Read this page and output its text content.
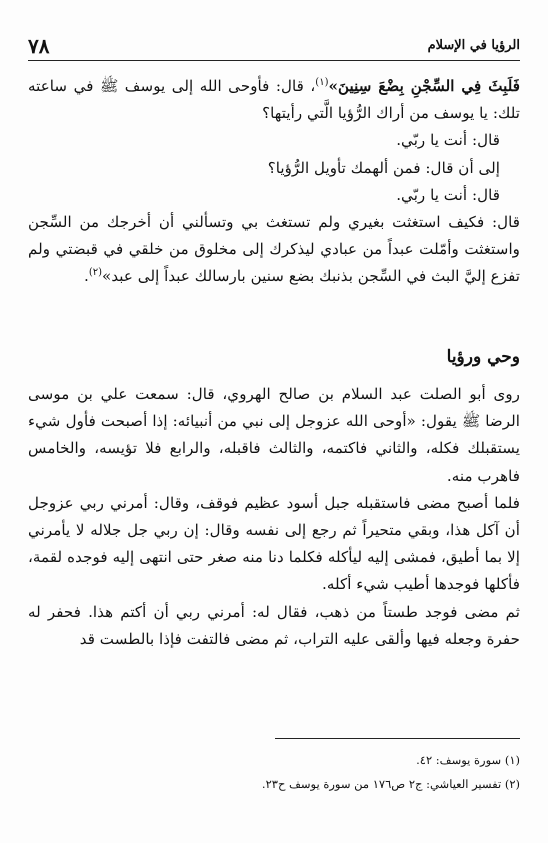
الرؤيا في الإسلام
٧٨

فَلَبِثَ فِي السِّجْنِ بِضْعَ سِنِينَ»$^{(١)}$، قال: فأوحى الله إلى يوسف ﷺ في ساعته تلك: يا يوسف من أراك الرُّؤيا الَّتي رأيتها؟

قال: أنت يا ربّي.

إلى أن قال: فمن ألهمك تأويل الرُّؤيا؟

قال: أنت يا ربّي.

قال: فكيف استغثت بغيري ولم تستغث بي وتسألني أن أخرجك من السِّجن واستغثت وأمّلت عبداً من عبادي ليذكرك إلى مخلوق من خلقي في قبضتي ولم تفزع إليَّ البث في السِّجن بذنبك بضع سنين بارسالك عبداً إلى عبد»$^{(٢)}$.

وحي ورؤيا

روى أبو الصلت عبد السلام بن صالح الهروي، قال: سمعت علي بن موسى الرضا ﷺ يقول: «أوحى الله عزوجل إلى نبي من أنبيائه: إذا أصبحت فأول شيء يستقبلك فكله، والثاني فاكتمه، والثالث فاقبله، والرابع فلا تؤيسه، والخامس فاهرب منه.

فلما أصبح مضى فاستقبله جبل أسود عظيم فوقف، وقال: أمرني ربي عزوجل أن آكل هذا، وبقي متحيراً ثم رجع إلى نفسه وقال: إن ربي جل جلاله لا يأمرني إلا بما أطيق، فمشى إليه ليأكله فكلما دنا منه صغر حتى انتهى إليه فوجده لقمة، فأكلها فوجدها أطيب شيء أكله.

ثم مضى فوجد طستاً من ذهب، فقال له: أمرني ربي أن أكتم هذا. فحفر له حفرة وجعله فيها وألقى عليه التراب، ثم مضى فالتفت فإذا بالطست قد

(١) سورة يوسف: ٤٢.
(٢) تفسير العياشي: ج٢ ص١٧٦ من سورة يوسف ح٢٣.
